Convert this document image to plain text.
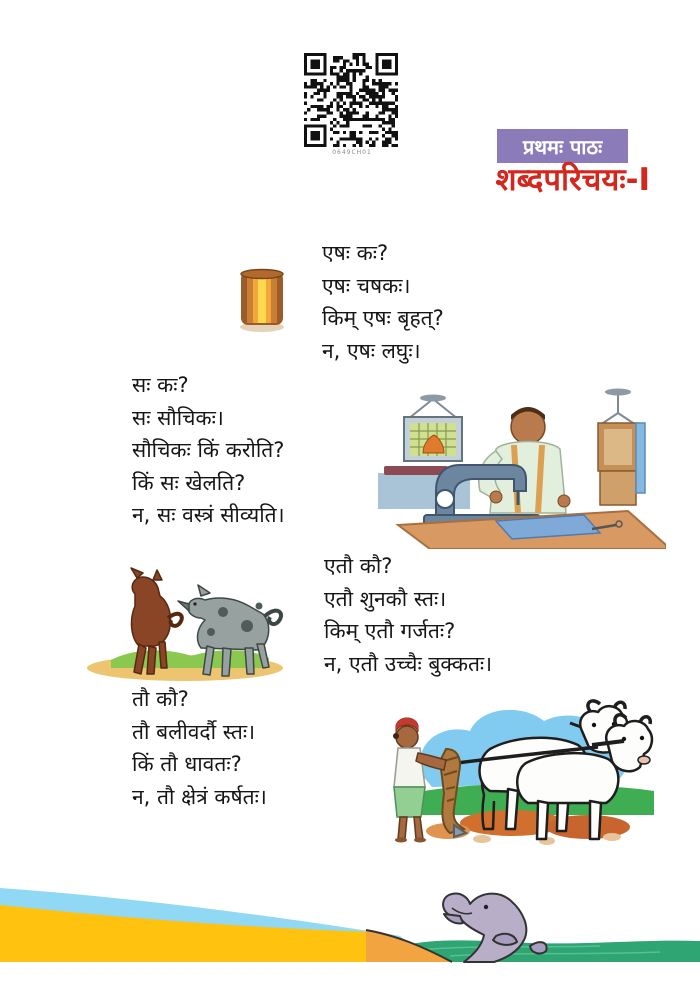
0649CH01	प्रथमः पाठः
शब्दपरिचयः-I
एषः कः?
एषः चषकः।
किम् एषः बृहत्?
न, एषः लघुः।
सः कः?
सः सौचिकः।
सौचिकः किं करोति?
किं सः खेलति?
न, सः वस्त्रं सीव्यति।
एतौ कौ?
एतौ शुनकौ स्तः।
किम् एतौ गर्जतः?
न, एतौ उच्चैः बुक्कतः।
तौ कौ?
तौ बलीवर्दौ स्तः।
किं तौ धावतः?
न, तौ क्षेत्रं कर्षतः।
